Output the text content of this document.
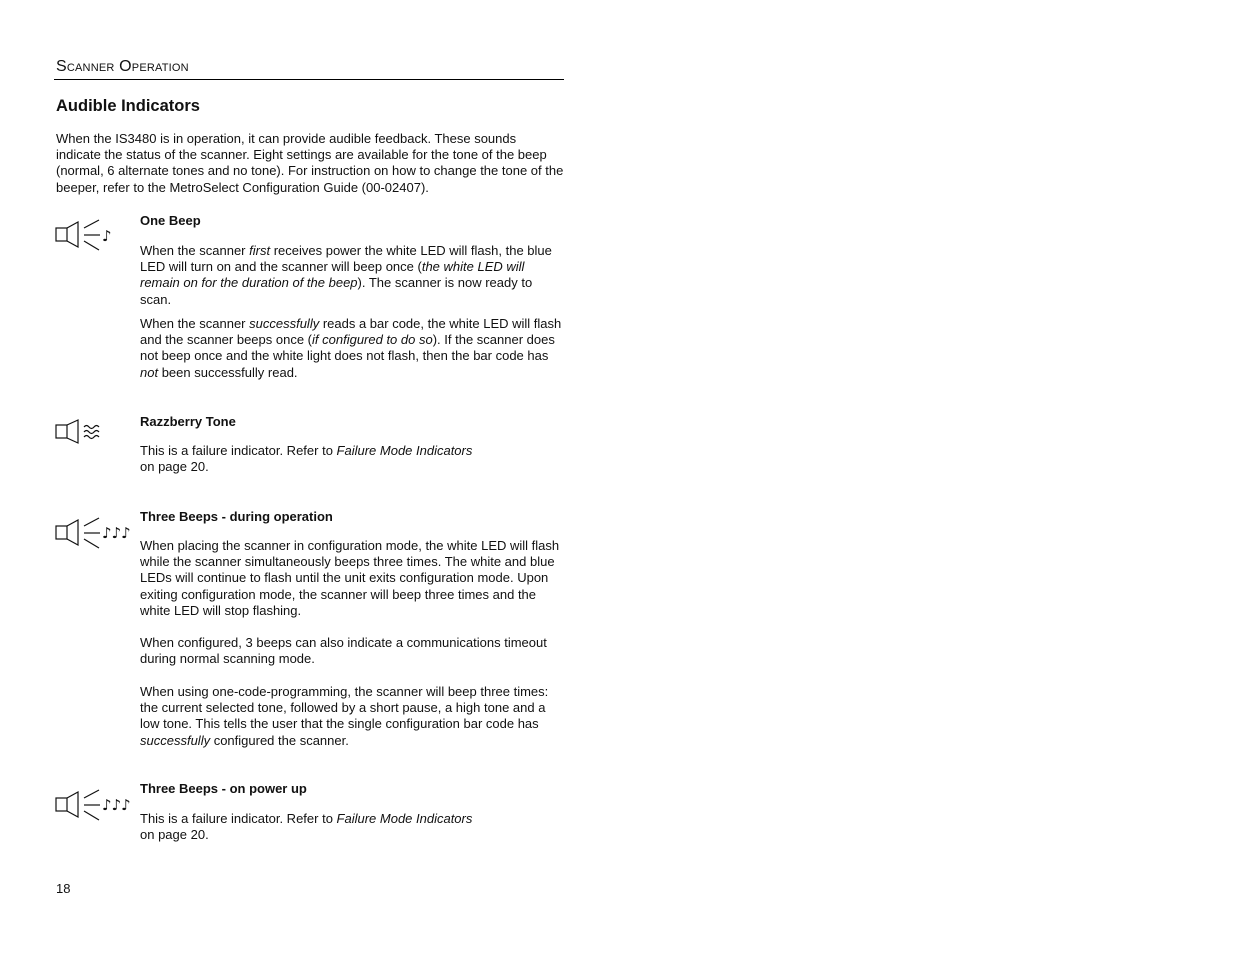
Scanner Operation
Audible Indicators

When the IS3480 is in operation, it can provide audible feedback. These sounds indicate the status of the scanner. Eight settings are available for the tone of the beep (normal, 6 alternate tones and no tone). For instruction on how to change the tone of the beeper, refer to the MetroSelect Configuration Guide (00-02407).

♪
One Beep

When the scanner first receives power the white LED will flash, the blue LED will turn on and the scanner will beep once (the white LED will remain on for the duration of the beep). The scanner is now ready to scan.

When the scanner successfully reads a bar code, the white LED will flash and the scanner beeps once (if configured to do so). If the scanner does not beep once and the white light does not flash, then the bar code has not been successfully read.

Razzberry Tone

This is a failure indicator. Refer to Failure Mode Indicators
on page 20.

♪♪♪
Three Beeps - during operation

When placing the scanner in configuration mode, the white LED will flash while the scanner simultaneously beeps three times. The white and blue LEDs will continue to flash until the unit exits configuration mode. Upon exiting configuration mode, the scanner will beep three times and the white LED will stop flashing.

When configured, 3 beeps can also indicate a communications timeout during normal scanning mode.

When using one-code-programming, the scanner will beep three times: the current selected tone, followed by a short pause, a high tone and a low tone. This tells the user that the single configuration bar code has successfully configured the scanner.

♪♪♪
Three Beeps - on power up

This is a failure indicator. Refer to Failure Mode Indicators
on page 20.

18
